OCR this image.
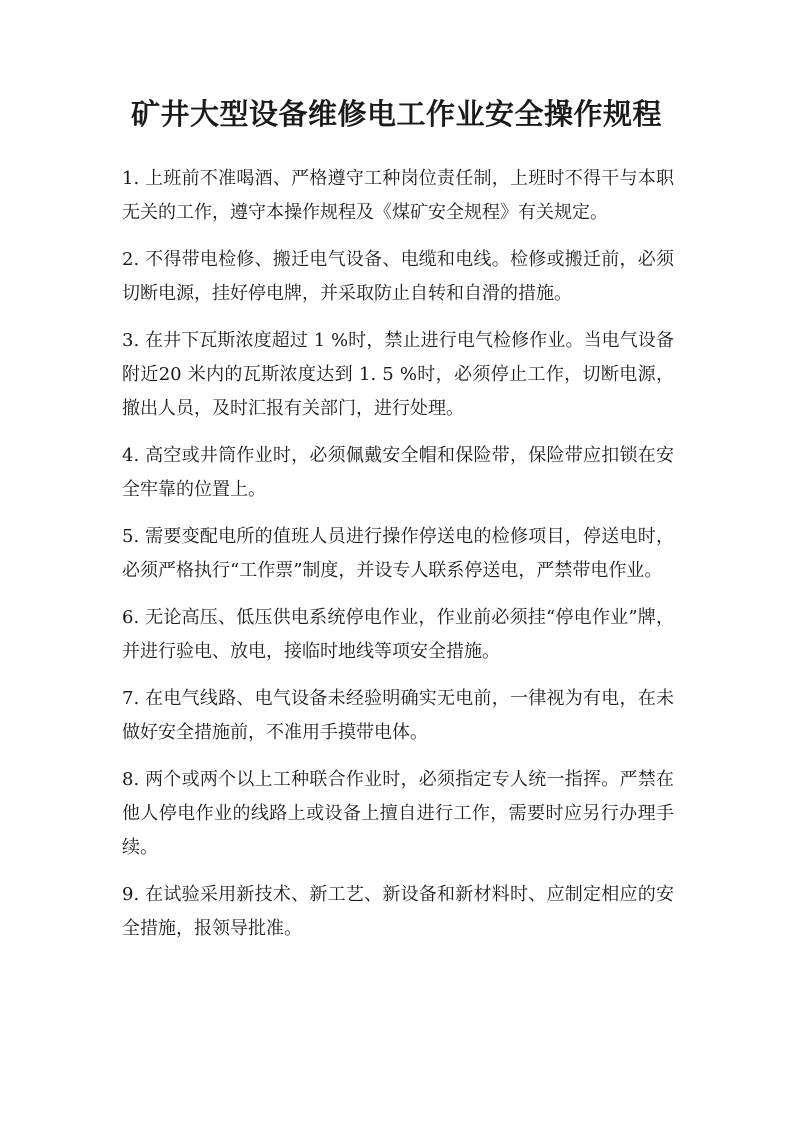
矿井大型设备维修电工作业安全操作规程

1. 上班前不准喝酒、严格遵守工种岗位责任制，上班时不得干与本职无关的工作，遵守本操作规程及《煤矿安全规程》有关规定。

2. 不得带电检修、搬迁电气设备、电缆和电线。检修或搬迁前，必须切断电源，挂好停电牌，并采取防止自转和自滑的措施。

3. 在井下瓦斯浓度超过 1 %时，禁止进行电气检修作业。当电气设备附近20 米内的瓦斯浓度达到 1. 5 %时，必须停止工作，切断电源，撤出人员，及时汇报有关部门，进行处理。

4. 高空或井筒作业时，必须佩戴安全帽和保险带，保险带应扣锁在安全牢靠的位置上。

5. 需要变配电所的值班人员进行操作停送电的检修项目，停送电时，必须严格执行“工作票”制度，并设专人联系停送电，严禁带电作业。

6. 无论高压、低压供电系统停电作业，作业前必须挂“停电作业”牌，并进行验电、放电，接临时地线等项安全措施。

7. 在电气线路、电气设备未经验明确实无电前，一律视为有电，在未做好安全措施前，不准用手摸带电体。

8. 两个或两个以上工种联合作业时，必须指定专人统一指挥。严禁在他人停电作业的线路上或设备上擅自进行工作，需要时应另行办理手续。

9. 在试验采用新技术、新工艺、新设备和新材料时、应制定相应的安全措施，报领导批准。
